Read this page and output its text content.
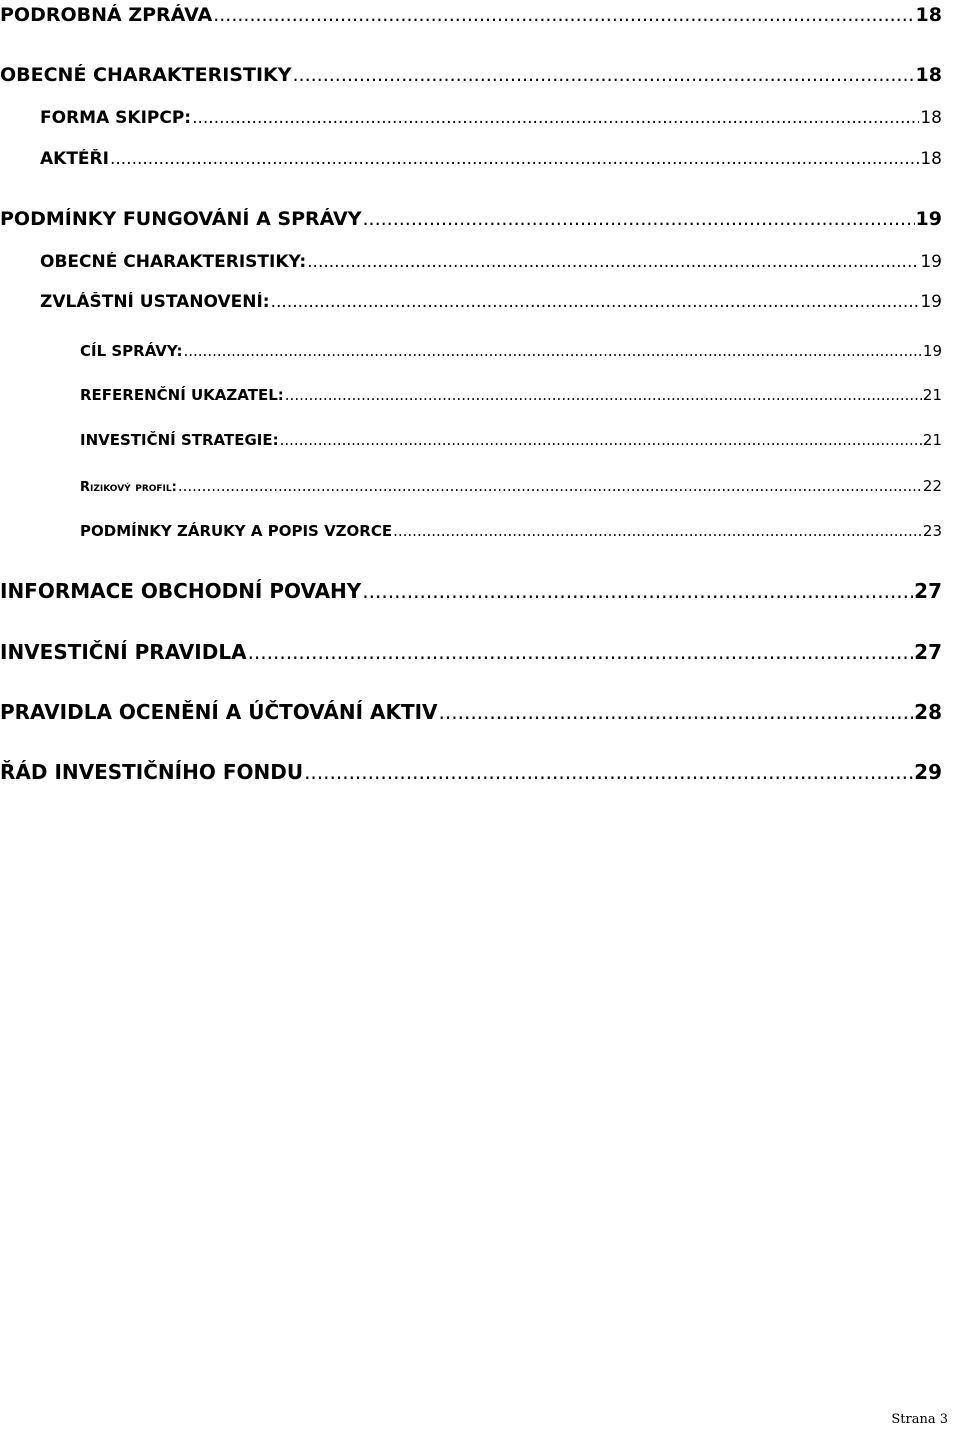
PODROBNÁ ZPRÁVA .....	18
OBECNÉ CHARAKTERISTIKY .....	18
FORMA SKIPCP: .....	18
AKTÉŘI .....	18
PODMÍNKY FUNGOVÁNÍ A SPRÁVY .....	19
OBECNÉ CHARAKTERISTIKY: .....	19
ZVLÁŠTNÍ USTANOVENÍ: .....	19
CÍL SPRÁVY: .....	19
REFERENČNÍ UKAZATEL: .....	21
INVESTIČNÍ STRATEGIE: .....	21
Rizikový profil: .....	22
PODMÍNKY ZÁRUKY A POPIS VZORCE .....	23
INFORMACE OBCHODNÍ POVAHY .....	27
INVESTIČNÍ PRAVIDLA .....	27
PRAVIDLA OCENĚNÍ A ÚČTOVÁNÍ AKTIV .....	28
ŘÁD INVESTIČNÍHO FONDU .....	29
Strana 3
